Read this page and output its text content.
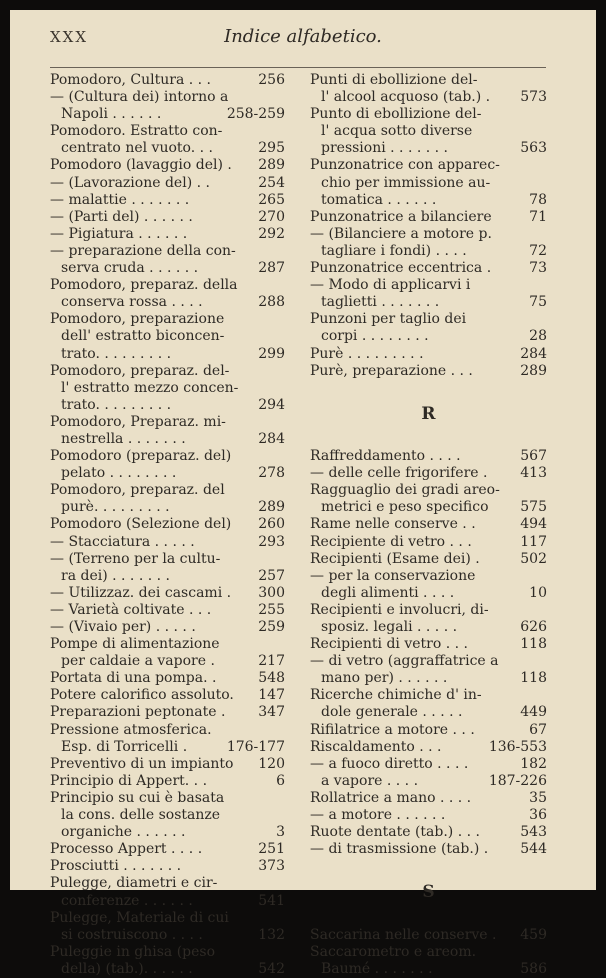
XXX	Indice alfabetico.
Pomodoro, Cultura . . .	256
— (Cultura dei) intorno a
Napoli . . . . . .	258-259
Pomodoro. Estratto con-
centrato nel vuoto. . .	295
Pomodoro (lavaggio del) . 289
— (Lavorazione del) . .	254
— malattie . . . . . . .	265
— (Parti del) . . . . . .	270
— Pigiatura . . . . . .	292
— preparazione della con-
serva cruda . . . . . .	287
Pomodoro, preparaz. della
conserva rossa . . . .	288
Pomodoro, preparazione
dell' estratto biconcen-
trato. . . . . . . . .	299
Pomodoro, preparaz. del-
l' estratto mezzo concen-
trato. . . . . . . . .	294
Pomodoro, Preparaz. mi-
nestrella . . . . . . .	284
Pomodoro (preparaz. del)
pelato . . . . . . . .	278
Pomodoro, preparaz. del
purè. . . . . . . . .	289
Pomodoro (Selezione del) 260
— Stacciatura . . . . .	293
— (Terreno per la cultu-
ra dei) . . . . . . .	257
— Utilizzaz. dei cascami . 300
— Varietà coltivate . . .	255
— (Vivaio per) . . . . .	259
Pompe di alimentazione
per caldaie a vapore .	217
Portata di una pompa. .	548
Potere calorifico assoluto. 147
Preparazioni peptonate . 347
Pressione atmosferica.
Esp. di Torricelli .	176-177
Preventivo di un impianto 120
Principio di Appert. . .	6
Principio su cui è basata
la cons. delle sostanze
organiche . . . . . .	3
Processo Appert . . . .	251
Prosciutti . . . . . . .	373
Pulegge, diametri e cir-
conferenze . . . . . .	541
Pulegge, Materiale di cui
si costruiscono . . . .	132
Puleggie in ghisa (peso
della) (tab.). . . . . .	542
Punti di ebollizione del-
l' alcool acquoso (tab.) . 573
Punto di ebollizione del-
l' acqua sotto diverse
pressioni . . . . . . .	563
Punzonatrice con apparec-
chio per immissione au-
tomatica . . . . . .	78
Punzonatrice a bilanciere	71
— (Bilanciere a motore p.
tagliare i fondi) . . . .	72
Punzonatrice eccentrica .	73
— Modo di applicarvi i
taglietti . . . . . . .	75
Punzoni per taglio dei
corpi . . . . . . . .	28
Purè . . . . . . . . .	284
Purè, preparazione . . .	289
R
Raffreddamento . . . .	567
— delle celle frigorifere . 413
Ragguaglio dei gradi areo-
metrici e peso specifico 575
Rame nelle conserve . .	494
Recipiente di vetro . . .	117
Recipienti (Esame dei) .	502
— per la conservazione
degli alimenti . . . .	10
Recipienti e involucri, di-
sposiz. legali . . . . .	626
Recipienti di vetro . . .	118
— di vetro (aggraffatrice a
mano per) . . . . . .	118
Ricerche chimiche d' in-
dole generale . . . . .	449
Rifilatrice a motore . . .	67
Riscaldamento . . .	136-553
— a fuoco diretto . . . .	182
a vapore . . . .	187-226
Rollatrice a mano . . . .	35
— a motore . . . . . .	36
Ruote dentate (tab.) . . .	543
— di trasmissione (tab.) . 544
S
Saccarina nelle conserve . 459
Saccarometro e areom.
Baumé . . . . . . .	586
